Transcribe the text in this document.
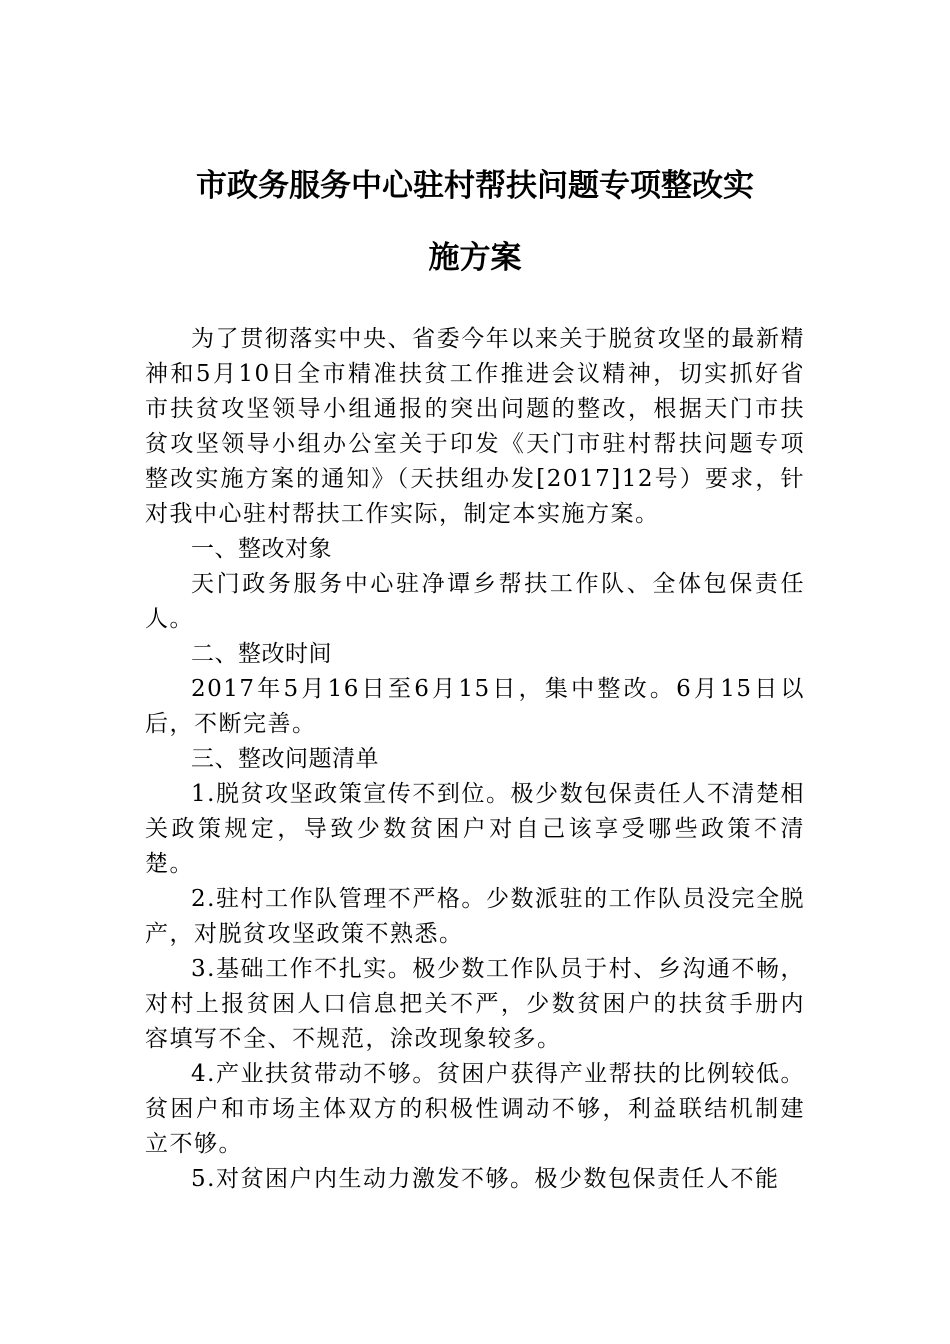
市政务服务中心驻村帮扶问题专项整改实
施方案

为了贯彻落实中央、省委今年以来关于脱贫攻坚的最新精神和5月10日全市精准扶贫工作推进会议精神，切实抓好省市扶贫攻坚领导小组通报的突出问题的整改，根据天门市扶贫攻坚领导小组办公室关于印发《天门市驻村帮扶问题专项整改实施方案的通知》（天扶组办发[2017]12号）要求，针对我中心驻村帮扶工作实际，制定本实施方案。

一、整改对象

天门政务服务中心驻净谭乡帮扶工作队、全体包保责任人。

二、整改时间

2017年5月16日至6月15日，集中整改。6月15日以后，不断完善。

三、整改问题清单

1.脱贫攻坚政策宣传不到位。极少数包保责任人不清楚相关政策规定，导致少数贫困户对自己该享受哪些政策不清楚。

2.驻村工作队管理不严格。少数派驻的工作队员没完全脱产，对脱贫攻坚政策不熟悉。

3.基础工作不扎实。极少数工作队员于村、乡沟通不畅，对村上报贫困人口信息把关不严，少数贫困户的扶贫手册内容填写不全、不规范，涂改现象较多。

4.产业扶贫带动不够。贫困户获得产业帮扶的比例较低。贫困户和市场主体双方的积极性调动不够，利益联结机制建立不够。

5.对贫困户内生动力激发不够。极少数包保责任人不能
